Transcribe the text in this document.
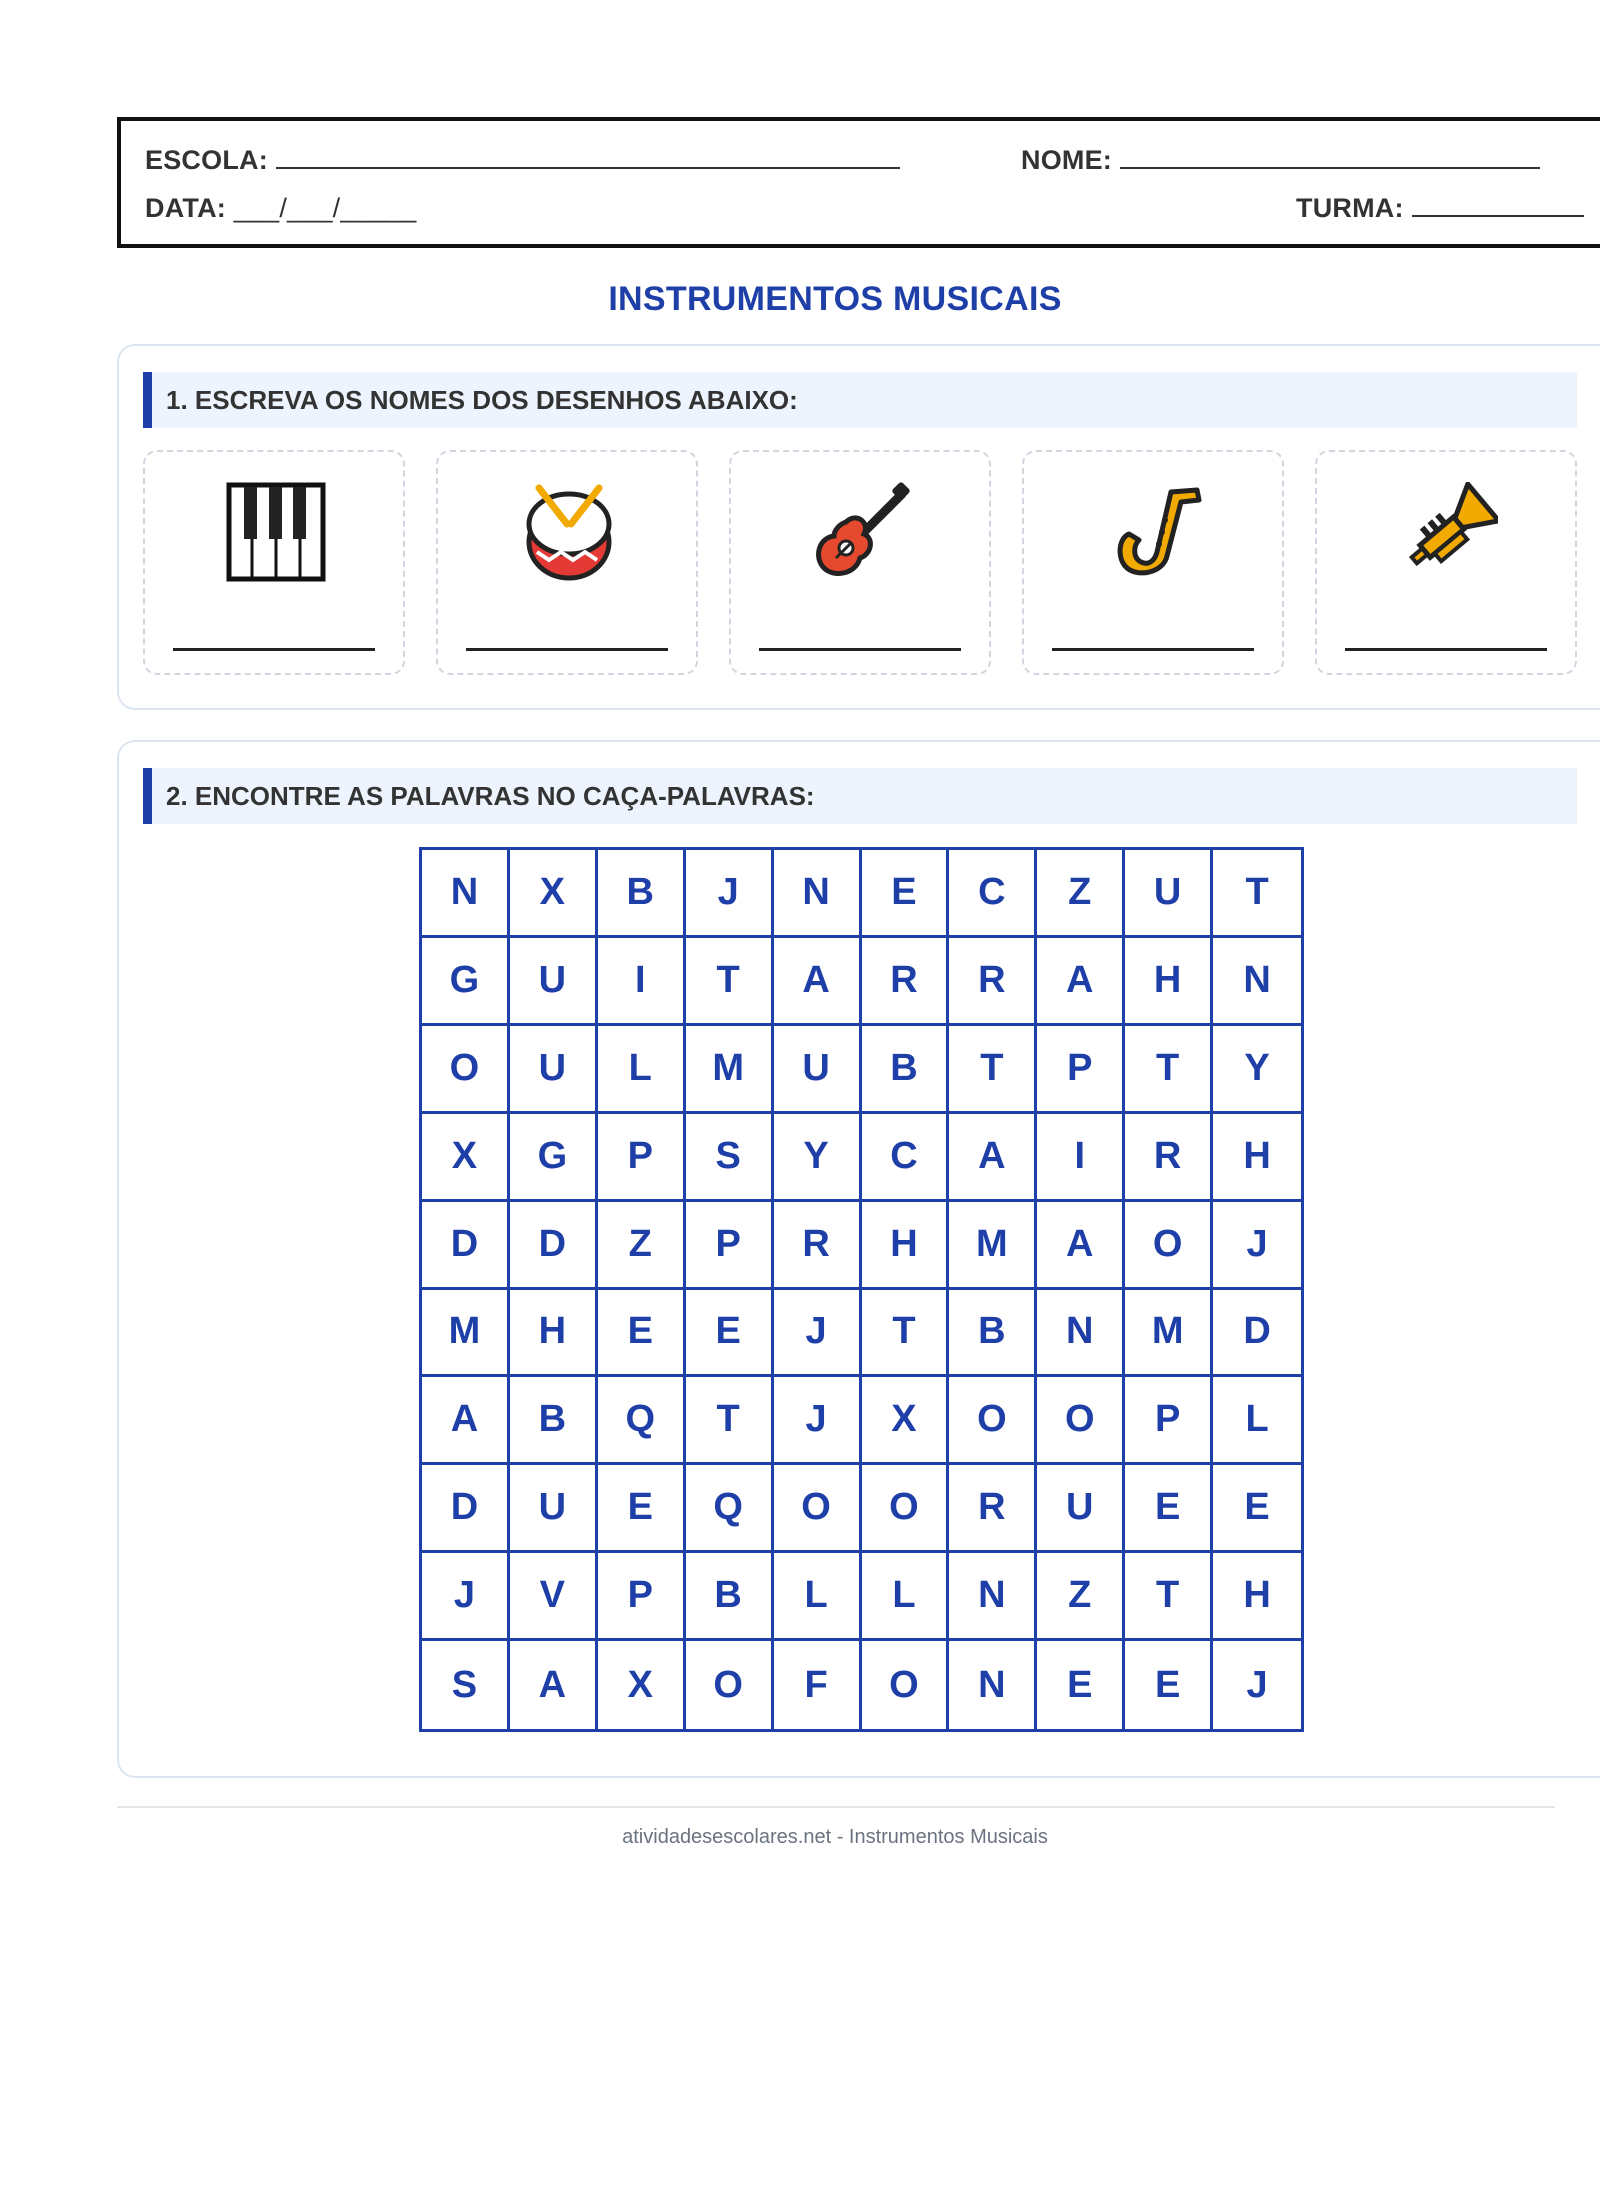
ESCOLA:	NOME:
DATA: ___/___/_____	TURMA:
INSTRUMENTOS MUSICAIS
1. ESCREVA OS NOMES DOS DESENHOS ABAIXO:
2. ENCONTRE AS PALAVRAS NO CAÇA-PALAVRAS:
N	X	B	J	N	E	C	Z	U	T
G	U	I	T	A	R	R	A	H	N
O	U	L	M	U	B	T	P	T	Y
X	G	P	S	Y	C	A	I	R	H
D	D	Z	P	R	H	M	A	O	J
M	H	E	E	J	T	B	N	M	D
A	B	Q	T	J	X	O	O	P	L
D	U	E	Q	O	O	R	U	E	E
J	V	P	B	L	L	N	Z	T	H
S	A	X	O	F	O	N	E	E	J
atividadesescolares.net - Instrumentos Musicais
